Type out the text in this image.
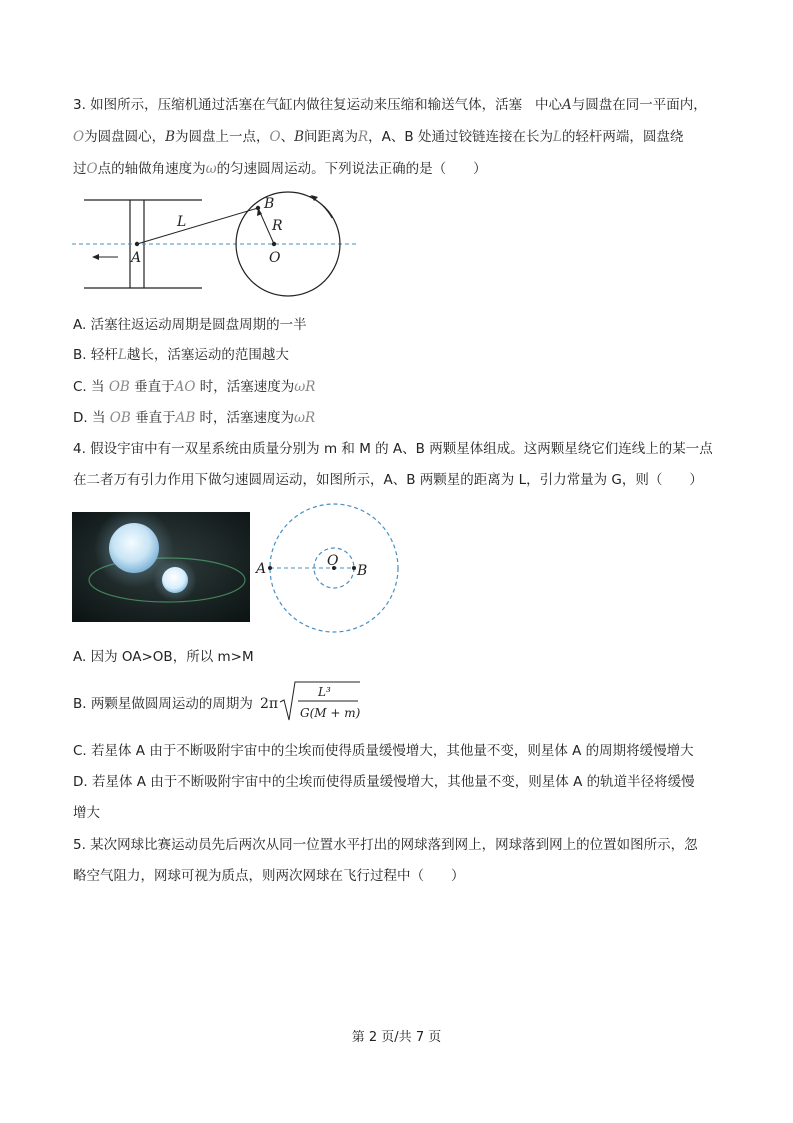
3. 如图所示，压缩机通过活塞在气缸内做往复运动来压缩和输送气体，活塞 中心A与圆盘在同一平面内，
O为圆盘圆心，B为圆盘上一点，O、B间距离为R，A、B 处通过铰链连接在长为L的轻杆两端，圆盘绕
过O点的轴做角速度为ω的匀速圆周运动。下列说法正确的是（　　）
L
B
R
A	O
A. 活塞往返运动周期是圆盘周期的一半
B. 轻杆L越长，活塞运动的范围越大
C. 当 OB 垂直于AO 时，活塞速度为ωR
D. 当 OB 垂直于AB 时，活塞速度为ωR
4. 假设宇宙中有一双星系统由质量分别为 m 和 M 的 A、B 两颗星体组成。这两颗星绕它们连线上的某一点
在二者万有引力作用下做匀速圆周运动，如图所示，A、B 两颗星的距离为 L，引力常量为 G，则（　　）
A	O
B
A. 因为 OA>OB，所以 m>M
B. 两颗星做圆周运动的周期为 2π
L³
G(M + m)
C. 若星体 A 由于不断吸附宇宙中的尘埃而使得质量缓慢增大，其他量不变，则星体 A 的周期将缓慢增大
D. 若星体 A 由于不断吸附宇宙中的尘埃而使得质量缓慢增大，其他量不变，则星体 A 的轨道半径将缓慢
增大
5. 某次网球比赛运动员先后两次从同一位置水平打出的网球落到网上，网球落到网上的位置如图所示，忽
略空气阻力，网球可视为质点，则两次网球在飞行过程中（　　）
第 2 页/共 7 页
